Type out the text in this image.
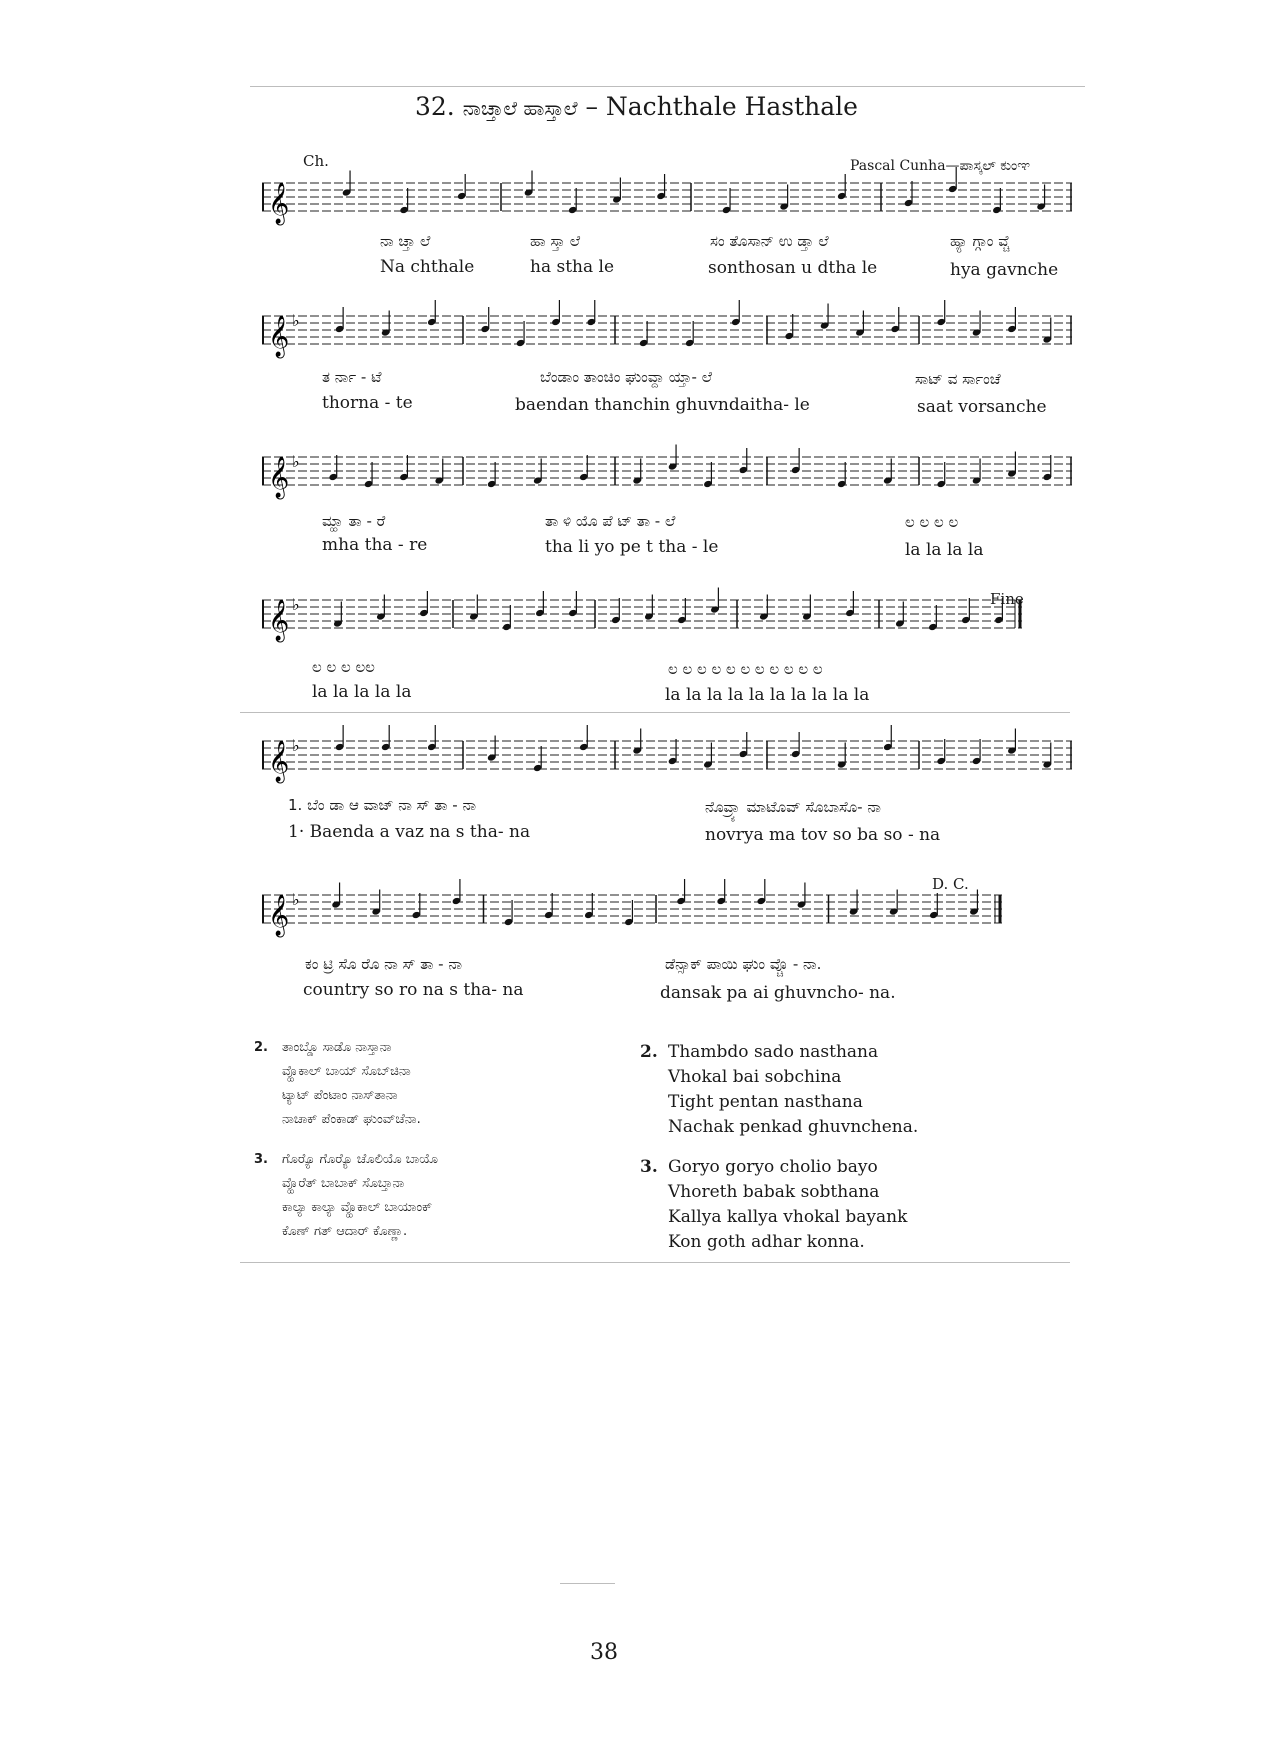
32. ನಾಚ್ತಾಲೆ ಹಾಸ್ತಾಲೆ – Nachthale Hasthale
Ch.	Pascal Cunha—ಪಾಸ್ಕಲ್ ಕುಂಞ
Fine
D. C.
𝄞
𝄞 ♭
𝄞 ♭
𝄞 ♭
𝄞 ♭
𝄞 ♭
ನಾ ಚ್ತಾ ಲೆ	ಹಾ ಸ್ತಾ ಲೆ	ಸಂ ತೊಸಾನ್ ಉ ಡ್ತಾ ಲೆ	ಹ್ಯಾ ಗ್ಗಾಂ ವ್ಚೆ
Na chthale	ha stha le	sonthosan u dtha le	hya gavnche
ತ ರ್ನಾ - ಟೆ	ಬೆಂಡಾಂ ತಾಂಚಿಂ ಘುಂವ್ದಾ ಯ್ತಾ- ಲೆ	ಸಾಟ್ ವ ರ್ಸಾಂಚೆ
thorna - te	baendan thanchin ghuvndaitha- le	saat vorsanche
ಮ್ಹಾ ತಾ - ರೆ	ತಾ ಳಿ ಯೊ ಪೆ ಟ್ ತಾ - ಲೆ	ಲ ಲ ಲ ಲ
mha tha - re	tha li yo pe t tha - le	la la la la
ಲ ಲ ಲ ಲಲ	ಲ ಲ ಲ ಲ ಲ ಲ ಲ ಲ ಲ ಲ ಲ
la la la la la	la la la la la la la la la la
1. ಬೆಂ ಡಾ ಆ ವಾಜ್ ನಾ ಸ್ ತಾ - ನಾ	ನೊವ್ರ್ಯಾ ಮಾಟೊವ್ ಸೊಬಾಸೊ- ನಾ
1· Baenda a vaz na s tha- na	novrya ma tov so ba so - na
ಕಂ ಟ್ರಿ ಸೊ ರೊ ನಾ ಸ್ ತಾ - ನಾ	ಡೆನ್ಸಾಕ್ ಪಾಯಿ ಘುಂ ವ್ಚೊ - ನಾ.
country so ro na s tha- na	dansak pa ai ghuvncho- na.
2. ತಾಂಬ್ಡೊ ಸಾಡೊ ನಾಸ್ತಾನಾ
ವ್ಹೊಕಾಲ್ ಬಾಯ್ ಸೊಬ್‌ಚಿನಾ
ಟ್ಯಾಟ್ ಪೆಂಟಾಂ ನಾಸ್‌ತಾನಾ
ನಾಚಾಕ್ ಪೆಂಕಾಡ್ ಘುಂವ್‌ಚೆನಾ.
3. ಗೊರ್‍ಯೊ ಗೊರ್‍ಯೊ ಚೊಲಿಯೊ ಬಾಯೊ
ವ್ಹೊರೆತ್ ಬಾಬಾಕ್ ಸೊಬ್ತಾನಾ
ಕಾಲ್ಯಾ ಕಾಲ್ಯಾ ವ್ಹೊಕಾಲ್ ಬಾಯಾಂಕ್
ಕೊಣ್ ಗತ್ ಆದಾರ್ ಕೊಣ್ಣಾ.
2. Thambdo sado nasthana
Vhokal bai sobchina
Tight pentan nasthana
Nachak penkad ghuvnchena.
3. Goryo goryo cholio bayo
Vhoreth babak sobthana
Kallya kallya vhokal bayank
Kon goth adhar konna.
38
